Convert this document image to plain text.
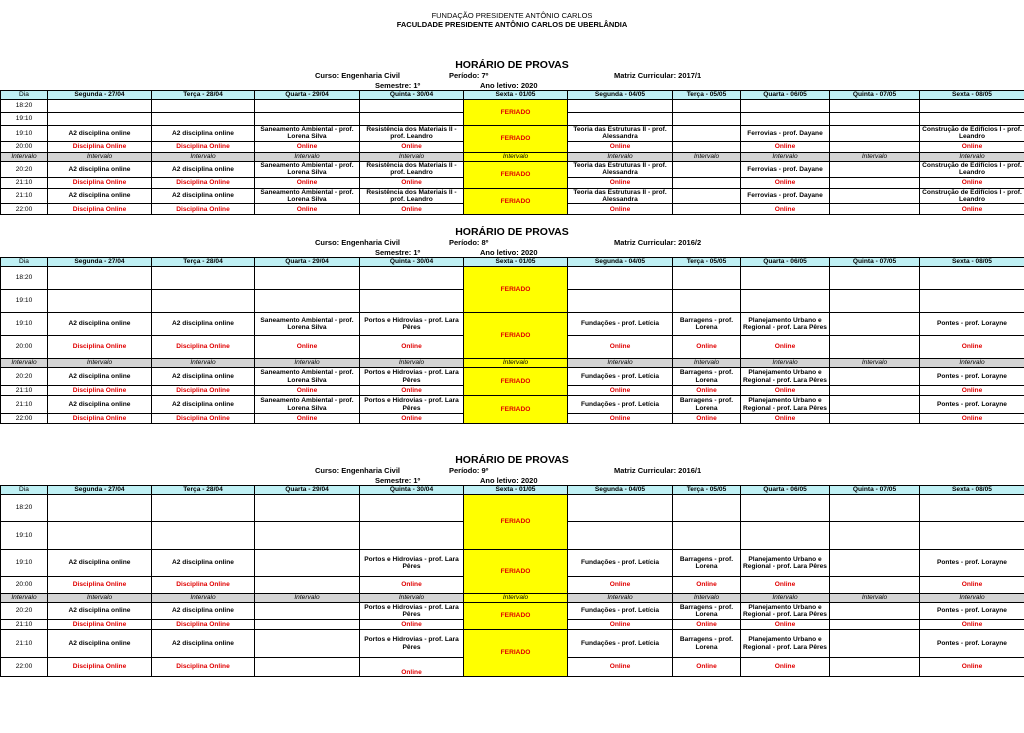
FUNDAÇÃO PRESIDENTE ANTÔNIO CARLOS
FACULDADE PRESIDENTE ANTÔNIO CARLOS DE UBERLÂNDIA
HORÁRIO DE PROVAS
Curso: Engenharia Civil	Período: 7º	Matriz Curricular: 2017/1
Semestre: 1º	Ano letivo: 2020
Dia	Segunda - 27/04	Terça - 28/04	Quarta - 29/04	Quinta - 30/04	Sexta - 01/05	Segunda - 04/05	Terça - 05/05	Quarta - 06/05	Quinta - 07/05	Sexta - 08/05
18:20					FERIADO					
19:10										
19:10	A2 disciplina online	A2 disciplina online	Saneamento Ambiental - prof. Lorena Silva	Resistência dos Materiais II - prof. Leandro	FERIADO	Teoria das Estruturas II - prof. Alessandra		Ferrovias - prof. Dayane		Construção de Edifícios I - prof. Leandro
20:00	Disciplina Online	Disciplina Online	Online	Online		Online		Online		Online
Intervalo	Intervalo	Intervalo	Intervalo	Intervalo	Intervalo	Intervalo	Intervalo	Intervalo	Intervalo	Intervalo
20:20	A2 disciplina online	A2 disciplina online	Saneamento Ambiental - prof. Lorena Silva	Resistência dos Materiais II - prof. Leandro	FERIADO	Teoria das Estruturas II - prof. Alessandra		Ferrovias - prof. Dayane		Construção de Edifícios I - prof. Leandro
21:10	Disciplina Online	Disciplina Online	Online	Online		Online		Online		Online
21:10	A2 disciplina online	A2 disciplina online	Saneamento Ambiental - prof. Lorena Silva	Resistência dos Materiais II - prof. Leandro	FERIADO	Teoria das Estruturas II - prof. Alessandra		Ferrovias - prof. Dayane		Construção de Edifícios I - prof. Leandro
22:00	Disciplina Online	Disciplina Online	Online	Online		Online		Online		Online
HORÁRIO DE PROVAS
Curso: Engenharia Civil	Período: 8º	Matriz Curricular: 2016/2
Semestre: 1º	Ano letivo: 2020
Dia	Segunda - 27/04	Terça - 28/04	Quarta - 29/04	Quinta - 30/04	Sexta - 01/05	Segunda - 04/05	Terça - 05/05	Quarta - 06/05	Quinta - 07/05	Sexta - 08/05
18:20					FERIADO					
19:10										
19:10	A2 disciplina online	A2 disciplina online	Saneamento Ambiental - prof. Lorena Silva	Portos e Hidrovias - prof. Lara Pêres	FERIADO	Fundações - prof. Letícia	Barragens - prof. Lorena	Planejamento Urbano e Regional - prof. Lara Pêres		Pontes - prof. Lorayne
20:00	Disciplina Online	Disciplina Online	Online	Online		Online	Online	Online		Online
Intervalo	Intervalo	Intervalo	Intervalo	Intervalo	Intervalo	Intervalo	Intervalo	Intervalo	Intervalo	Intervalo
20:20	A2 disciplina online	A2 disciplina online	Saneamento Ambiental - prof. Lorena Silva	Portos e Hidrovias - prof. Lara Pêres	FERIADO	Fundações - prof. Letícia	Barragens - prof. Lorena	Planejamento Urbano e Regional - prof. Lara Pêres		Pontes - prof. Lorayne
21:10	Disciplina Online	Disciplina Online	Online	Online		Online	Online	Online		Online
21:10	A2 disciplina online	A2 disciplina online	Saneamento Ambiental - prof. Lorena Silva	Portos e Hidrovias - prof. Lara Pêres	FERIADO	Fundações - prof. Letícia	Barragens - prof. Lorena	Planejamento Urbano e Regional - prof. Lara Pêres		Pontes - prof. Lorayne
22:00	Disciplina Online	Disciplina Online	Online	Online		Online	Online	Online		Online
HORÁRIO DE PROVAS
Curso: Engenharia Civil	Período: 9º	Matriz Curricular: 2016/1
Semestre: 1º	Ano letivo: 2020
Dia	Segunda - 27/04	Terça - 28/04	Quarta - 29/04	Quinta - 30/04	Sexta - 01/05	Segunda - 04/05	Terça - 05/05	Quarta - 06/05	Quinta - 07/05	Sexta - 08/05
18:20					FERIADO					
19:10										
19:10	A2 disciplina online	A2 disciplina online		Portos e Hidrovias - prof. Lara Pêres	FERIADO	Fundações - prof. Letícia	Barragens - prof. Lorena	Planejamento Urbano e Regional - prof. Lara Pêres		Pontes - prof. Lorayne
20:00	Disciplina Online	Disciplina Online		Online		Online	Online	Online		Online
Intervalo	Intervalo	Intervalo	Intervalo	Intervalo	Intervalo	Intervalo	Intervalo	Intervalo	Intervalo	Intervalo
20:20	A2 disciplina online	A2 disciplina online		Portos e Hidrovias - prof. Lara Pêres	FERIADO	Fundações - prof. Letícia	Barragens - prof. Lorena	Planejamento Urbano e Regional - prof. Lara Pêres		Pontes - prof. Lorayne
21:10	Disciplina Online	Disciplina Online		Online		Online	Online	Online		Online
21:10	A2 disciplina online	A2 disciplina online		Portos e Hidrovias - prof. Lara Pêres	FERIADO	Fundações - prof. Letícia	Barragens - prof. Lorena	Planejamento Urbano e Regional - prof. Lara Pêres		Pontes - prof. Lorayne
22:00	Disciplina Online	Disciplina Online		Online		Online	Online	Online		Online
